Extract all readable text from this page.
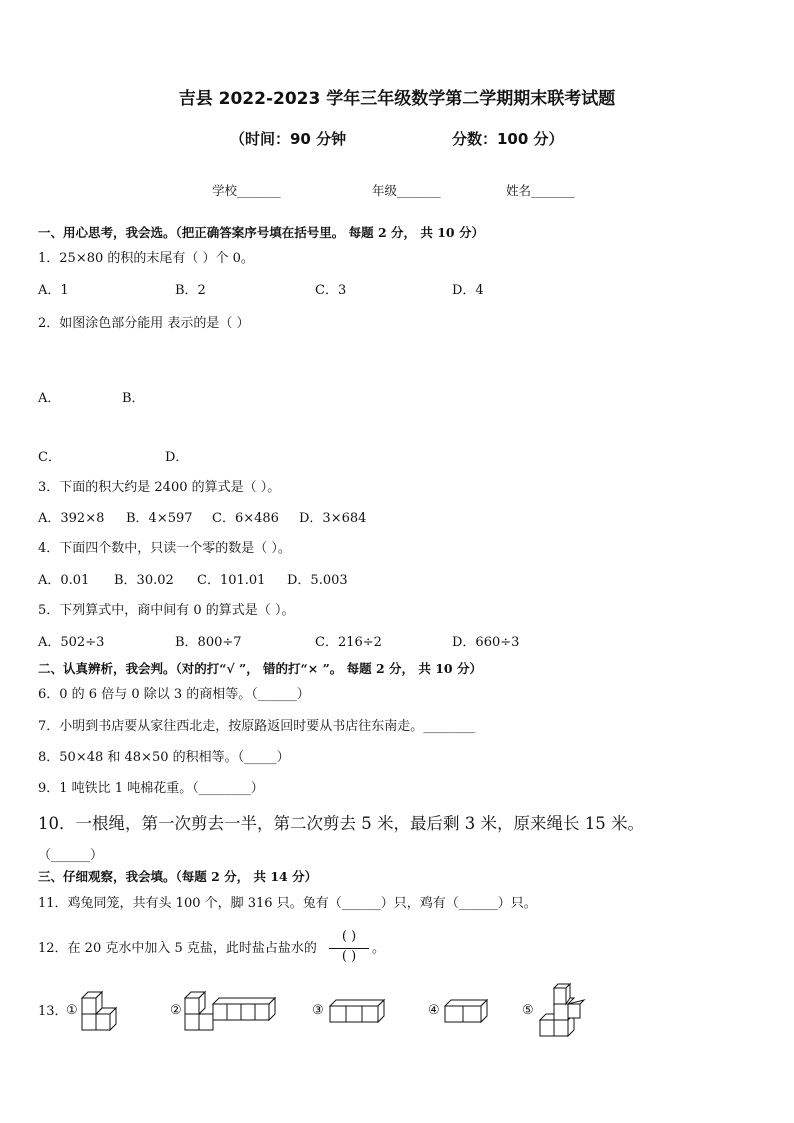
吉县 2022-2023 学年三年级数学第二学期期末联考试题
（时间：90 分钟	分数：100 分）
学校_______	年级_______	姓名_______
一、用心思考，我会选。（把正确答案序号填在括号里。 每题 2 分， 共 10 分）
1．25×80 的积的末尾有（ ）个 0。
A．1	B．2	C．3	D．4
2．如图涂色部分能用 表示的是（ ）
A．	B．
C．	D．
3．下面的积大约是 2400 的算式是（ ）。
A．392×8 B．4×597 C．6×486 D．3×684
4．下面四个数中，只读一个零的数是（ ）。
A．0.01 B．30.02 C．101.01 D．5.003
5．下列算式中，商中间有 0 的算式是（ ）。
A．502÷3	B．800÷7	C．216÷2	D．660÷3
二、认真辨析，我会判。（对的打“√ ”， 错的打“× ”。 每题 2 分， 共 10 分）
6．0 的 6 倍与 0 除以 3 的商相等。（______）
7．小明到书店要从家往西北走，按原路返回时要从书店往东南走。________
8．50×48 和 48×50 的积相等。（_____）
9．1 吨铁比 1 吨棉花重。（________）
10．一根绳，第一次剪去一半，第二次剪去 5 米，最后剩 3 米，原来绳长 15 米。
（______）
三、仔细观察，我会填。（每题 2 分， 共 14 分）
11．鸡兔同笼，共有头 100 个，脚 316 只。兔有（______）只，鸡有（______）只。
12．在 20 克水中加入 5 克盐，此时盐占盐水的
( )
( )
。
13．
①	②	③	④	⑤
